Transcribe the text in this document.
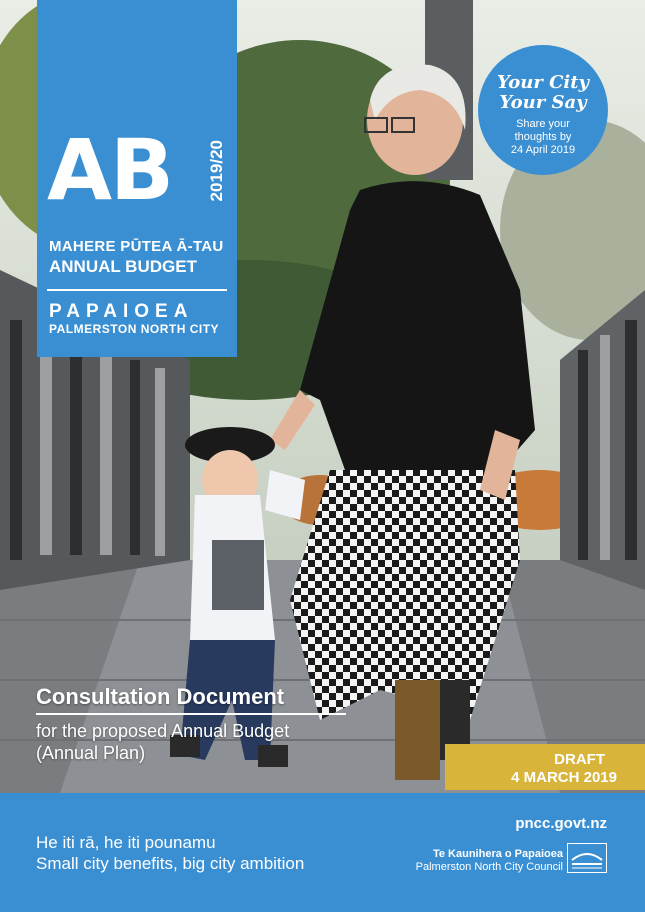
AB 2019/20
MAHERE PŪTEA Ā-TAU
ANNUAL BUDGET
PAPAIOEA
PALMERSTON NORTH CITY
Your City
Your Say
Share your
thoughts by
24 April 2019
Consultation Document
for the proposed Annual Budget
(Annual Plan)	DRAFT
4 MARCH 2019
pncc.govt.nz
He iti rā, he iti pounamu
Small city benefits, big city ambition	Te Kaunihera o Papaioea
Palmerston North City Council
